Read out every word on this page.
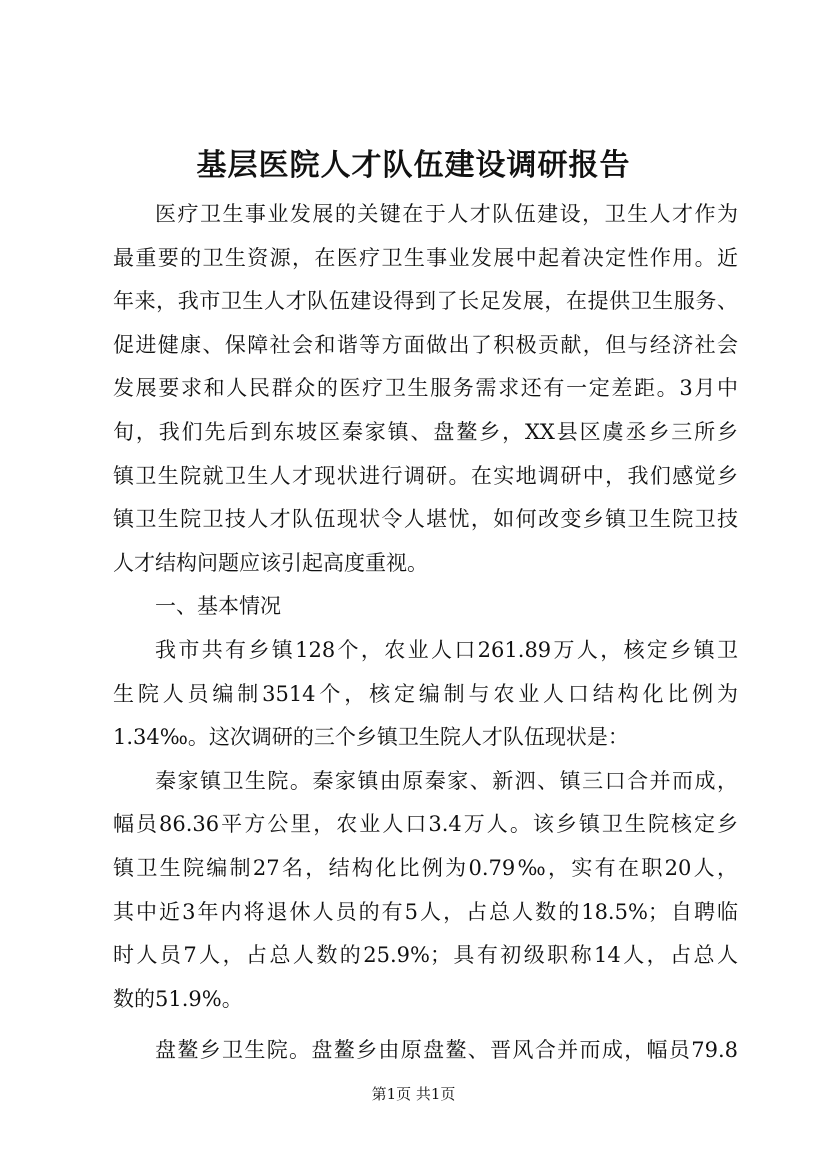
基层医院人才队伍建设调研报告
医疗卫生事业发展的关键在于人才队伍建设，卫生人才作为
最重要的卫生资源，在医疗卫生事业发展中起着决定性作用。近
年来，我市卫生人才队伍建设得到了长足发展，在提供卫生服务、
促进健康、保障社会和谐等方面做出了积极贡献，但与经济社会
发展要求和人民群众的医疗卫生服务需求还有一定差距。3月中
旬，我们先后到东坡区秦家镇、盘鳌乡，XX县区虞丞乡三所乡
镇卫生院就卫生人才现状进行调研。在实地调研中，我们感觉乡
镇卫生院卫技人才队伍现状令人堪忧，如何改变乡镇卫生院卫技
人才结构问题应该引起高度重视。
一、基本情况
我市共有乡镇128个，农业人口261.89万人，核定乡镇卫
生院人员编制3514个，核定编制与农业人口结构化比例为
1.34‰。这次调研的三个乡镇卫生院人才队伍现状是：
秦家镇卫生院。秦家镇由原秦家、新泗、镇三口合并而成，
幅员86.36平方公里，农业人口3.4万人。该乡镇卫生院核定乡
镇卫生院编制27名，结构化比例为0.79‰，实有在职20人，
其中近3年内将退休人员的有5人，占总人数的18.5%；自聘临
时人员7人，占总人数的25.9%；具有初级职称14人，占总人
数的51.9%。
盘鳌乡卫生院。盘鳌乡由原盘鳌、晋风合并而成，幅员79.8
第1页 共1页
